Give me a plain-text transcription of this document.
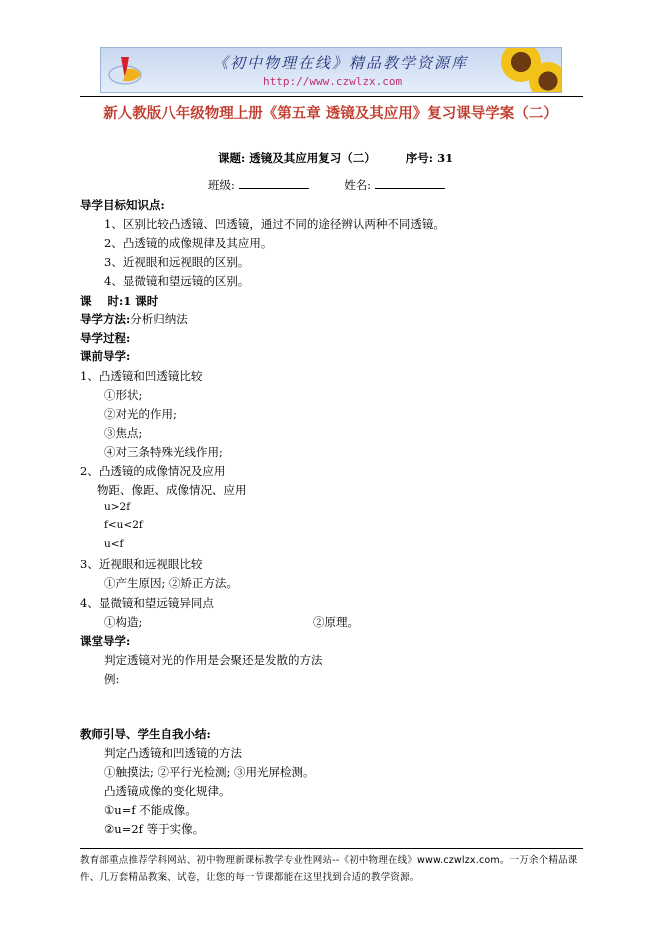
《初中物理在线》精品教学资源库
http://www.czwlzx.com
新人教版八年级物理上册《第五章 透镜及其应用》复习课导学案（二）
课题: 透镜及其应用复习（二）	序号: 31
班级:	姓名:
导学目标知识点:
1、区别比较凸透镜、凹透镜，通过不同的途径辨认两种不同透镜。
2、凸透镜的成像规律及其应用。
3、近视眼和远视眼的区别。
4、显微镜和望远镜的区别。
课    时:1 课时
导学方法:分析归纳法
导学过程:
课前导学:
1、凸透镜和凹透镜比较
①形状;
②对光的作用;
③焦点;
④对三条特殊光线作用;
2、凸透镜的成像情况及应用
物距、像距、成像情况、应用
u>2f
f<u<2f
u<f
3、近视眼和远视眼比较
①产生原因; ②矫正方法。
4、显微镜和望远镜异同点
①构造;	②原理。
课堂导学:
判定透镜对光的作用是会聚还是发散的方法
例:
教师引导、学生自我小结:
判定凸透镜和凹透镜的方法
①触摸法; ②平行光检测; ③用光屏检测。
凸透镜成像的变化规律。
①u=f 不能成像。
②u=2f 等于实像。
教育部重点推荐学科网站、初中物理新课标教学专业性网站--《初中物理在线》www.czwlzx.com。一万余个精品课件、几万套精品教案、试卷，让您的每一节课都能在这里找到合适的教学资源。
